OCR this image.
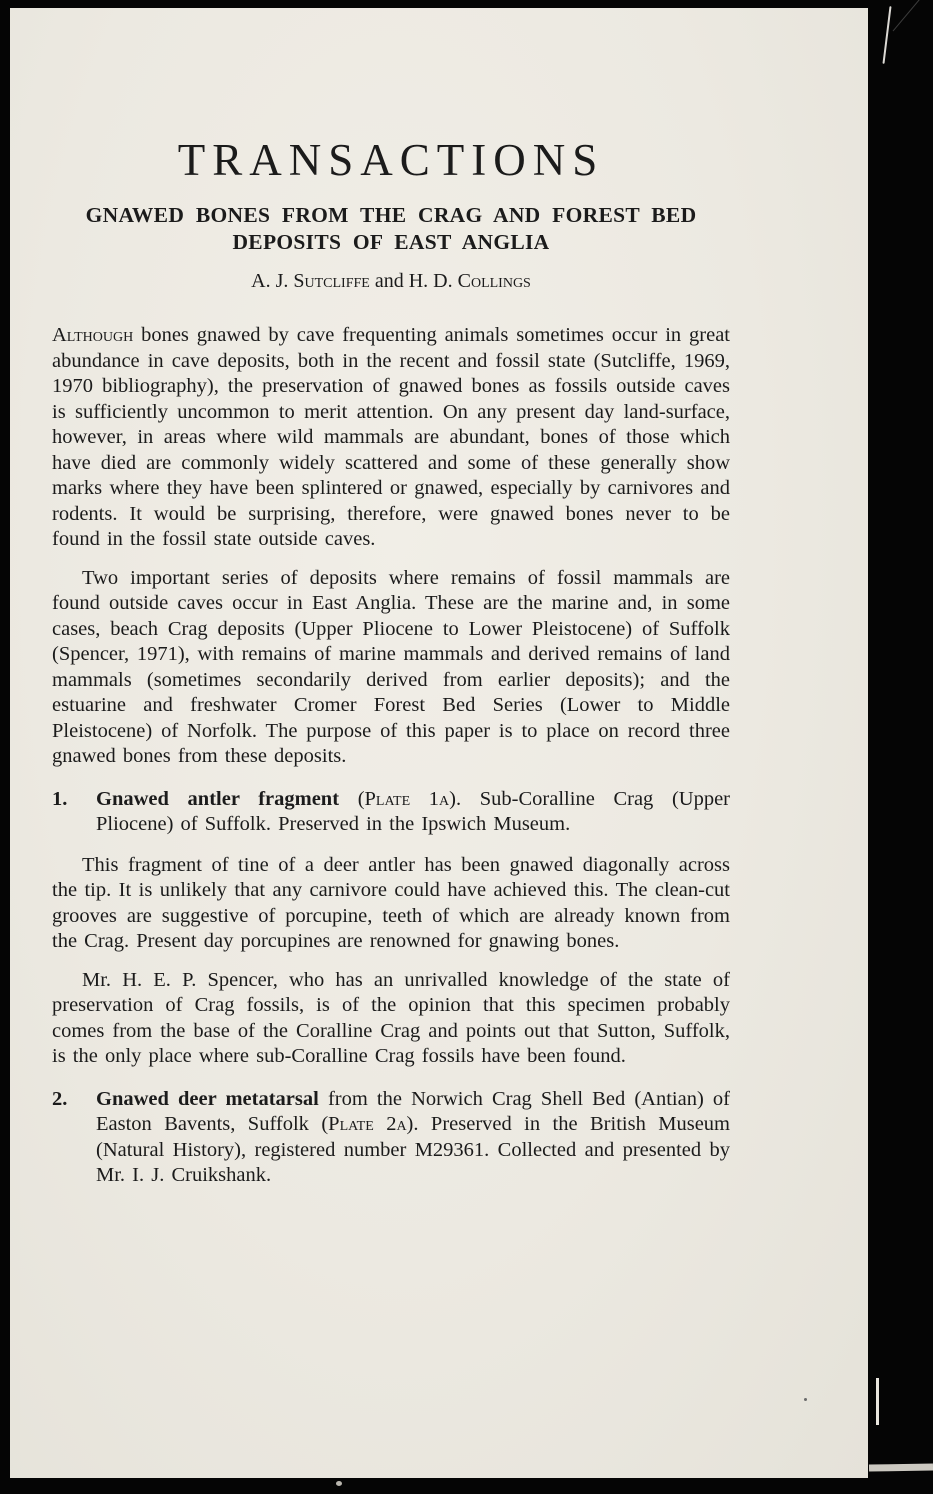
TRANSACTIONS
GNAWED BONES FROM THE CRAG AND FOREST BED
DEPOSITS OF EAST ANGLIA
A. J. Sutcliffe and H. D. Collings

Although bones gnawed by cave frequenting animals sometimes occur in great abundance in cave deposits, both in the recent and fossil state (Sutcliffe, 1969, 1970 bibliography), the preservation of gnawed bones as fossils outside caves is sufficiently uncommon to merit attention. On any present day land-surface, however, in areas where wild mammals are abundant, bones of those which have died are commonly widely scattered and some of these generally show marks where they have been splintered or gnawed, especially by carnivores and rodents. It would be surprising, therefore, were gnawed bones never to be found in the fossil state outside caves.

Two important series of deposits where remains of fossil mammals are found outside caves occur in East Anglia. These are the marine and, in some cases, beach Crag deposits (Upper Pliocene to Lower Pleistocene) of Suffolk (Spencer, 1971), with remains of marine mammals and derived remains of land mammals (sometimes secondarily derived from earlier deposits); and the estuarine and freshwater Cromer Forest Bed Series (Lower to Middle Pleistocene) of Norfolk. The purpose of this paper is to place on record three gnawed bones from these deposits.

1. Gnawed antler fragment (Plate 1a). Sub-Coralline Crag (Upper Pliocene) of Suffolk. Preserved in the Ipswich Museum.

This fragment of tine of a deer antler has been gnawed diagonally across the tip. It is unlikely that any carnivore could have achieved this. The clean-cut grooves are suggestive of porcupine, teeth of which are already known from the Crag. Present day porcupines are renowned for gnawing bones.

Mr. H. E. P. Spencer, who has an unrivalled knowledge of the state of preservation of Crag fossils, is of the opinion that this specimen probably comes from the base of the Coralline Crag and points out that Sutton, Suffolk, is the only place where sub-Coralline Crag fossils have been found.

2. Gnawed deer metatarsal from the Norwich Crag Shell Bed (Antian) of Easton Bavents, Suffolk (Plate 2a). Preserved in the British Museum (Natural History), registered number M29361. Collected and presented by Mr. I. J. Cruikshank.
